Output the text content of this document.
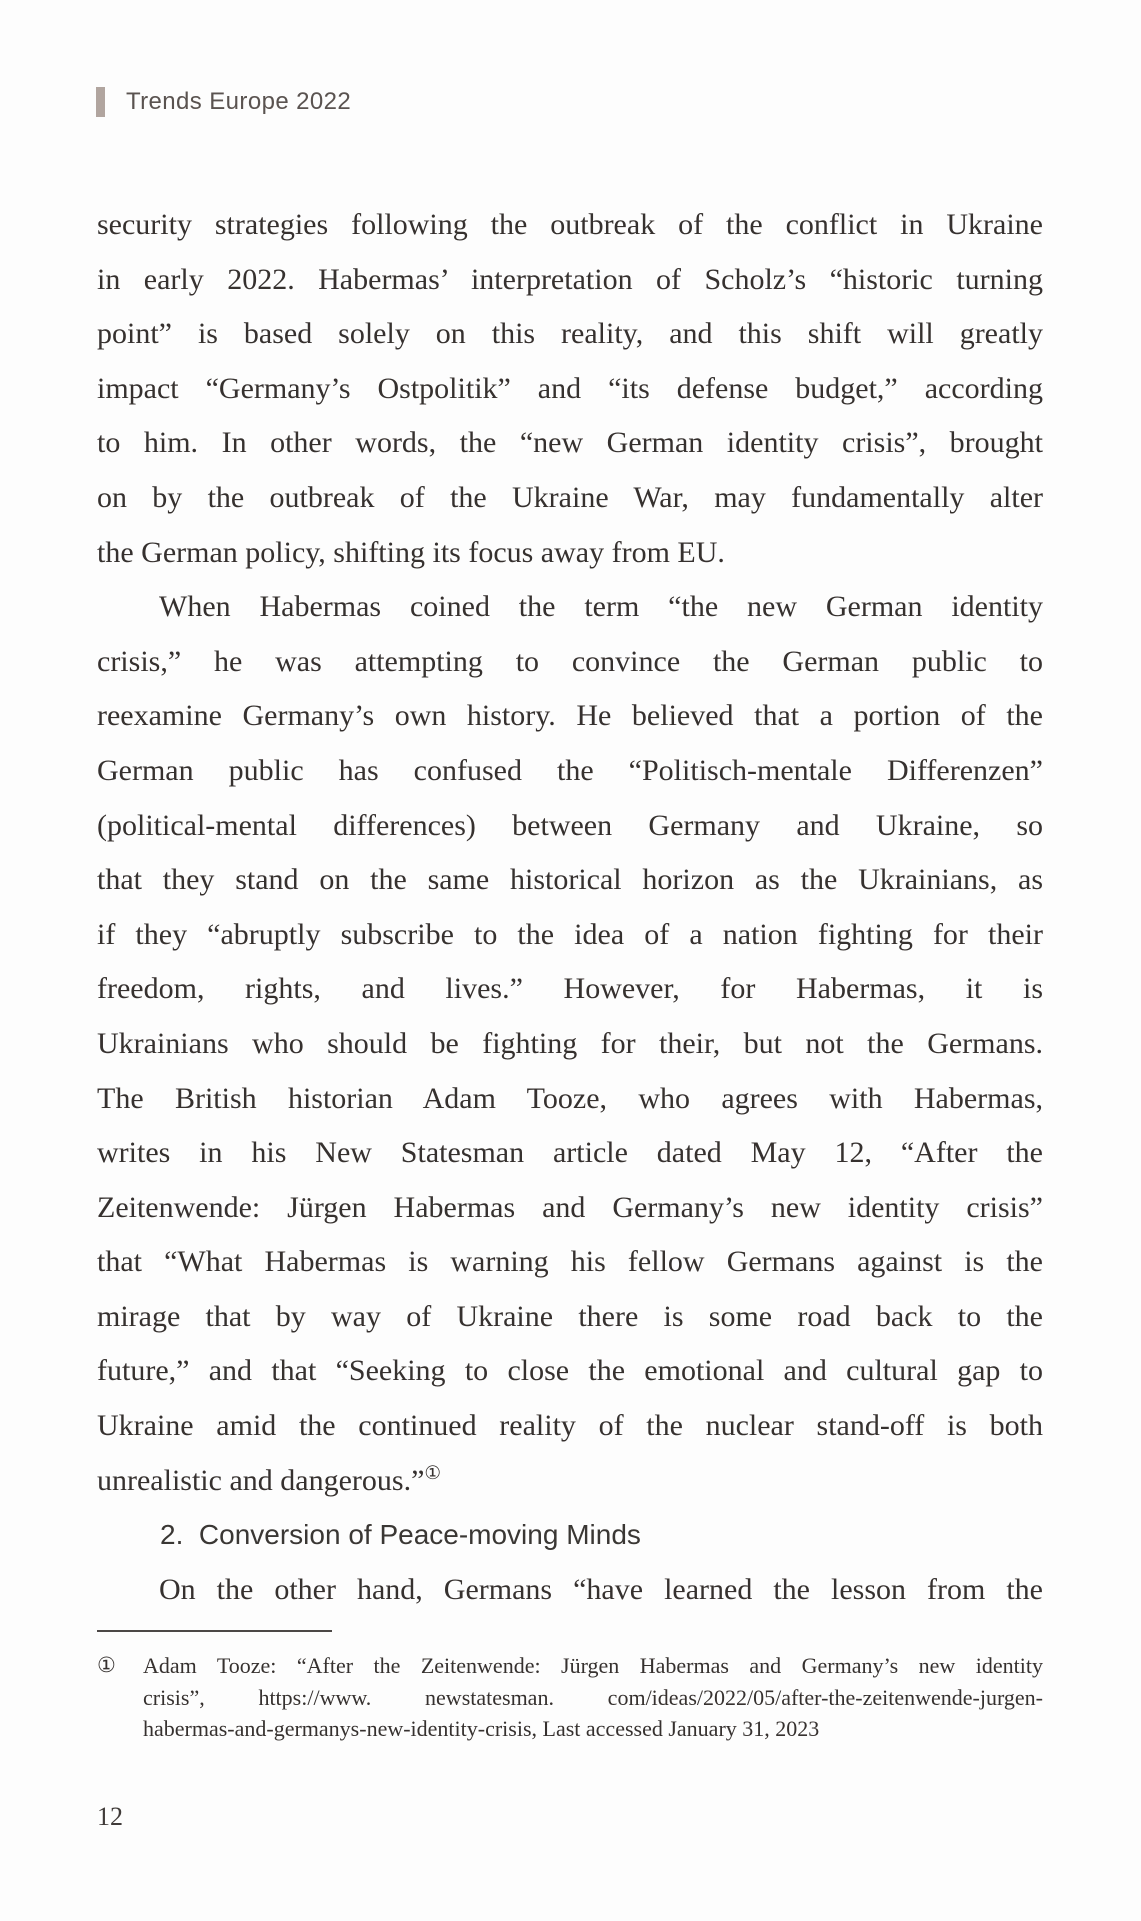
Trends Europe 2022
security strategies following the outbreak of the conflict in Ukraine
in early 2022. Habermas’ interpretation of Scholz’s “historic turning
point” is based solely on this reality, and this shift will greatly
impact “Germany’s Ostpolitik” and “its defense budget,” according
to him. In other words, the “new German identity crisis”, brought
on by the outbreak of the Ukraine War, may fundamentally alter
the German policy, shifting its focus away from EU.
When Habermas coined the term “the new German identity
crisis,” he was attempting to convince the German public to
reexamine Germany’s own history. He believed that a portion of the
German public has confused the “Politisch-mentale Differenzen”
(political-mental differences) between Germany and Ukraine, so
that they stand on the same historical horizon as the Ukrainians, as
if they “abruptly subscribe to the idea of a nation fighting for their
freedom, rights, and lives.” However, for Habermas, it is
Ukrainians who should be fighting for their, but not the Germans.
The British historian Adam Tooze, who agrees with Habermas,
writes in his New Statesman article dated May 12, “After the
Zeitenwende: Jürgen Habermas and Germany’s new identity crisis”
that “What Habermas is warning his fellow Germans against is the
mirage that by way of Ukraine there is some road back to the
future,” and that “Seeking to close the emotional and cultural gap to
Ukraine amid the continued reality of the nuclear stand-off is both
unrealistic and dangerous.”①
2.  Conversion of Peace-moving Minds
On the other hand, Germans “have learned the lesson from the
①	Adam Tooze: “After the Zeitenwende: Jürgen Habermas and Germany’s new identity
crisis”, https://www. newstatesman. com/ideas/2022/05/after-the-zeitenwende-jurgen-
habermas-and-germanys-new-identity-crisis, Last accessed January 31, 2023
12
